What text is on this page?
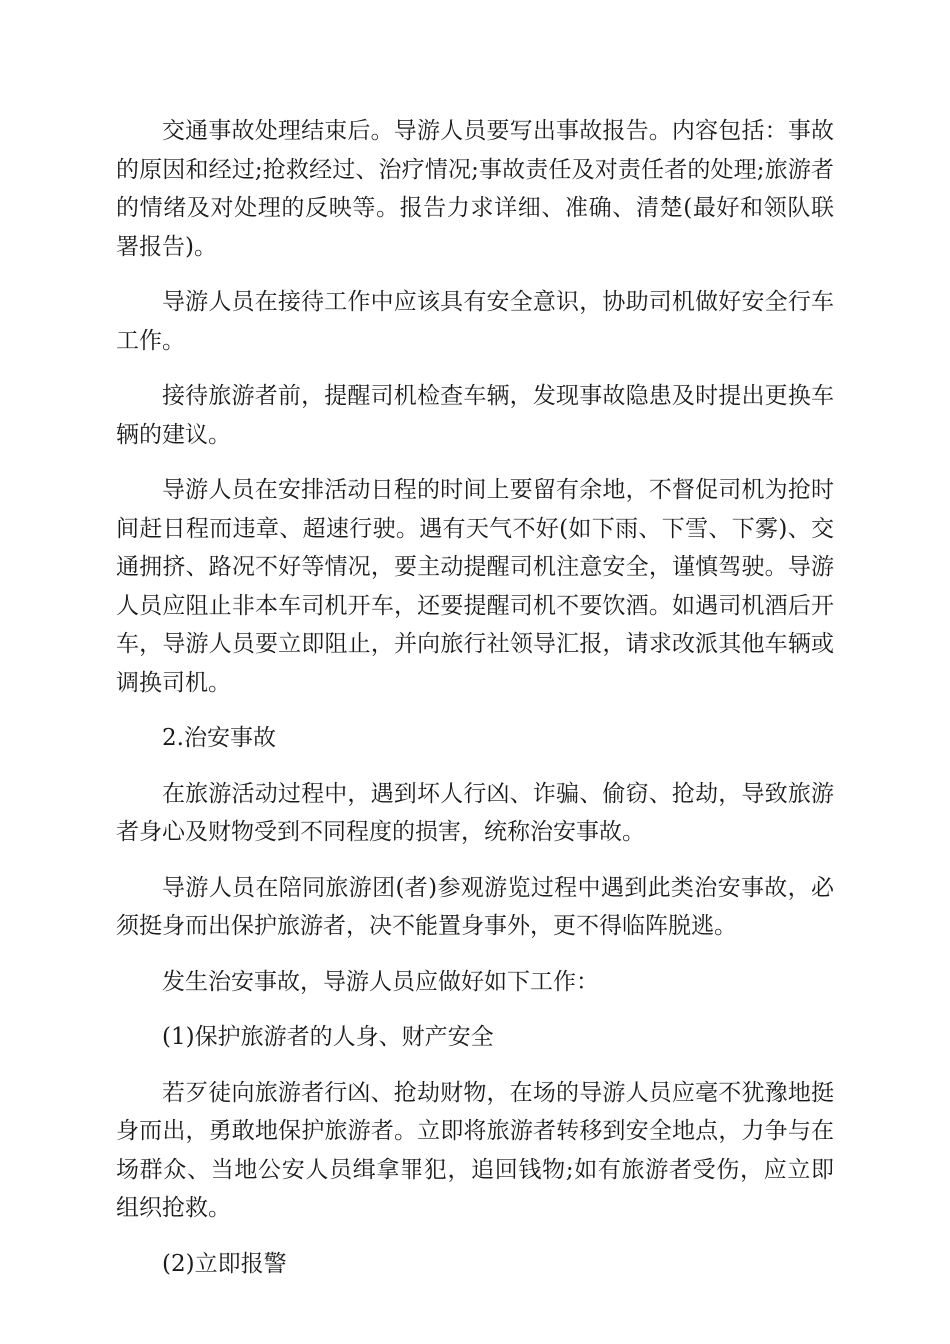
交通事故处理结束后。导游人员要写出事故报告。内容包括：事故的原因和经过;抢救经过、治疗情况;事故责任及对责任者的处理;旅游者的情绪及对处理的反映等。报告力求详细、准确、清楚(最好和领队联署报告)。

导游人员在接待工作中应该具有安全意识，协助司机做好安全行车工作。

接待旅游者前，提醒司机检查车辆，发现事故隐患及时提出更换车辆的建议。

导游人员在安排活动日程的时间上要留有余地，不督促司机为抢时间赶日程而违章、超速行驶。遇有天气不好(如下雨、下雪、下雾)、交通拥挤、路况不好等情况，要主动提醒司机注意安全，谨慎驾驶。导游人员应阻止非本车司机开车，还要提醒司机不要饮酒。如遇司机酒后开车，导游人员要立即阻止，并向旅行社领导汇报，请求改派其他车辆或调换司机。

2.治安事故

在旅游活动过程中，遇到坏人行凶、诈骗、偷窃、抢劫，导致旅游者身心及财物受到不同程度的损害，统称治安事故。

导游人员在陪同旅游团(者)参观游览过程中遇到此类治安事故，必须挺身而出保护旅游者，决不能置身事外，更不得临阵脱逃。

发生治安事故，导游人员应做好如下工作：

(1)保护旅游者的人身、财产安全

若歹徒向旅游者行凶、抢劫财物，在场的导游人员应毫不犹豫地挺身而出，勇敢地保护旅游者。立即将旅游者转移到安全地点，力争与在场群众、当地公安人员缉拿罪犯，追回钱物;如有旅游者受伤，应立即组织抢救。

(2)立即报警
